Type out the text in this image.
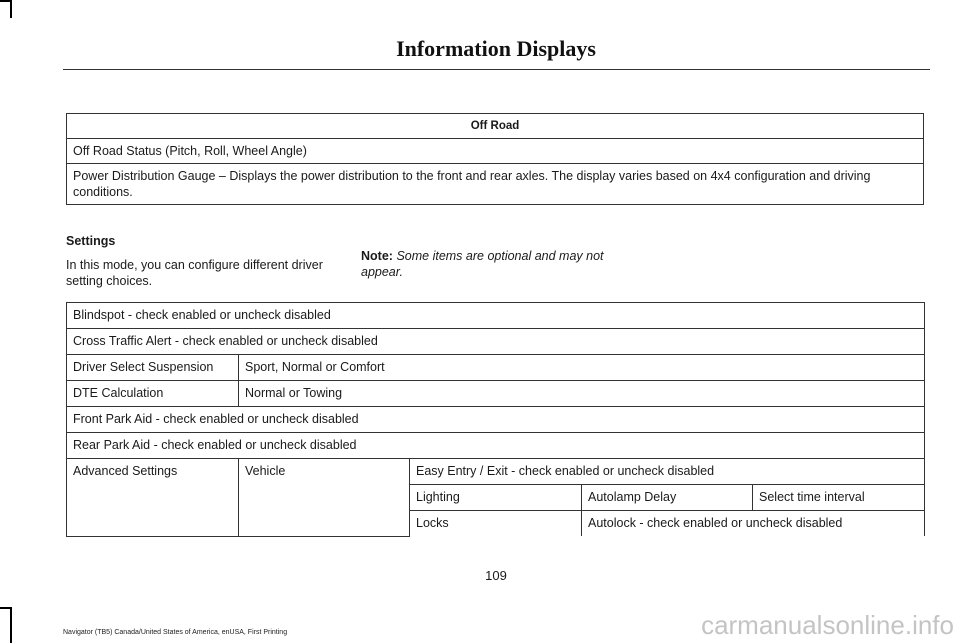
Information Displays
Off Road
Off Road Status (Pitch, Roll, Wheel Angle)
Power Distribution Gauge – Displays the power distribution to the front and rear axles. The display varies based on 4x4 configuration and driving conditions.
Settings
In this mode, you can configure different driver setting choices.
Note: Some items are optional and may not appear.
Blindspot - check enabled or uncheck disabled				
Cross Traffic Alert - check enabled or uncheck disabled				
Driver Select Suspension	Sport, Normal or Comfort			
DTE Calculation	Normal or Towing			
Front Park Aid - check enabled or uncheck disabled				
Rear Park Aid - check enabled or uncheck disabled				
Advanced Settings	Vehicle	Easy Entry / Exit - check enabled or uncheck disabled		
		Lighting	Autolamp Delay	Select time interval
		Locks	Autolock - check enabled or uncheck disabled	
109
Navigator (TB5) Canada/United States of America, enUSA, First Printing	carmanualsonline.info
